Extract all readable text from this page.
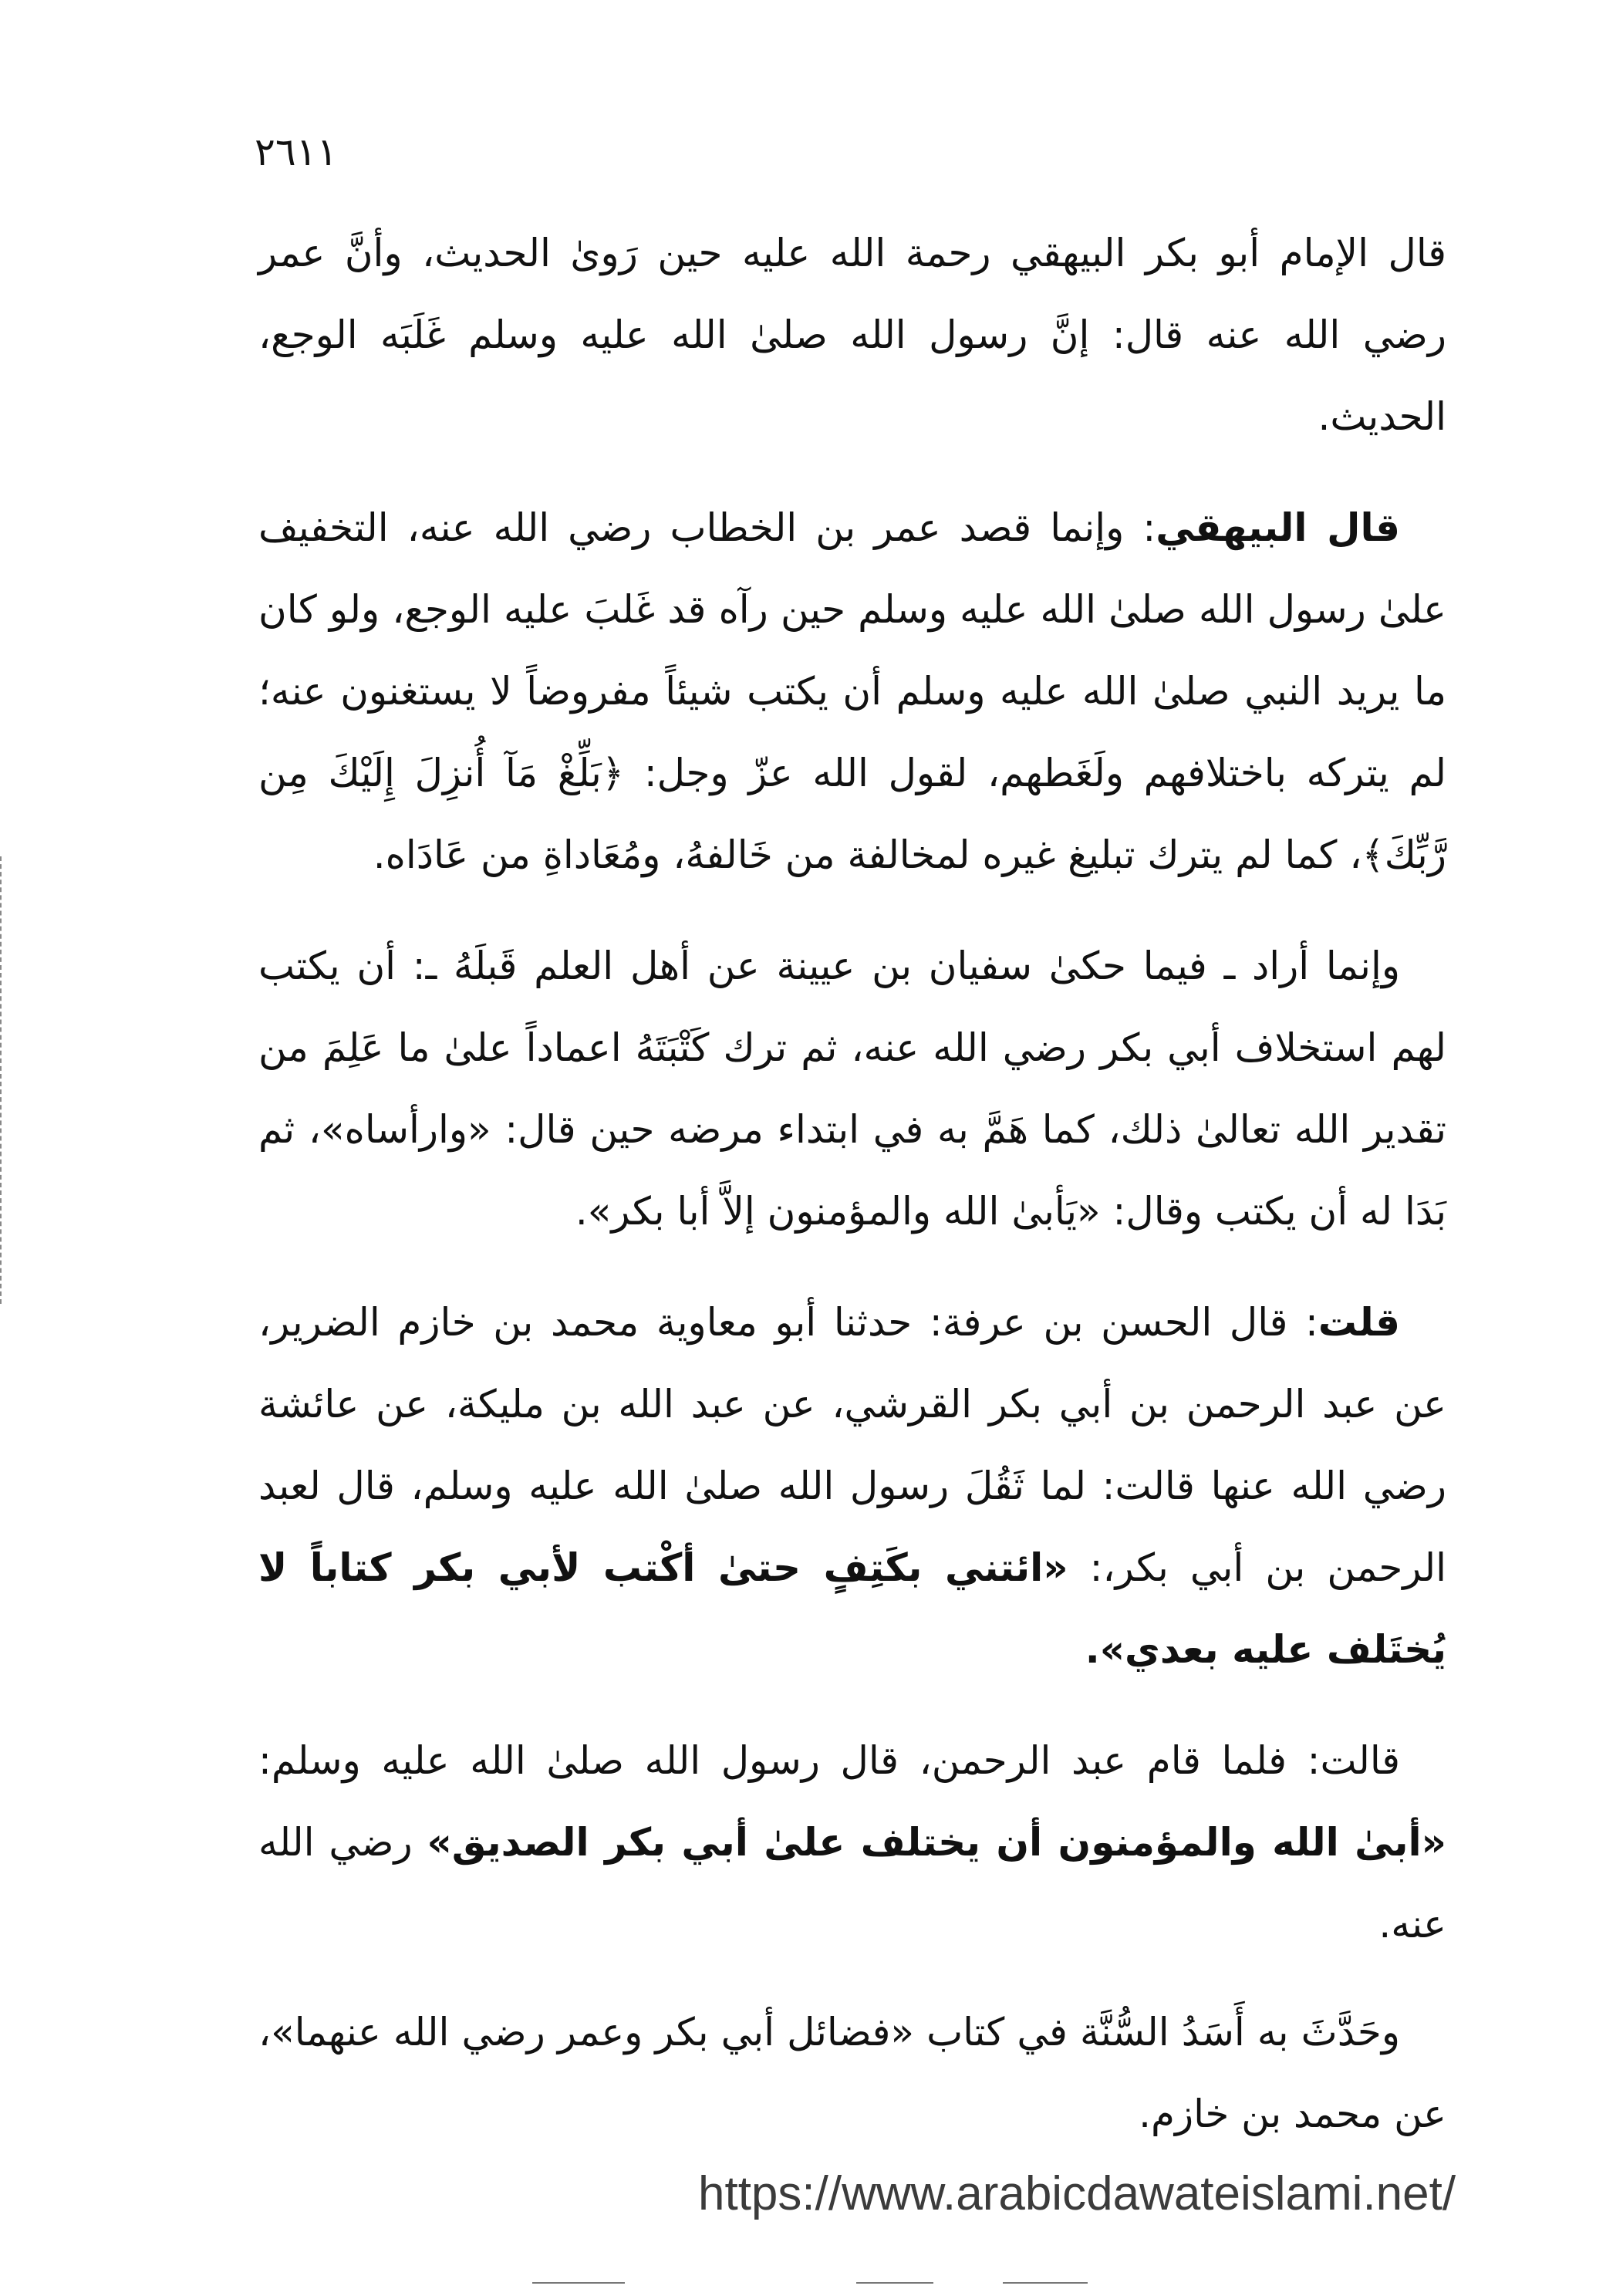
٢٦١١

قال الإمام أبو بكر البيهقي رحمة الله عليه حين رَوىٰ الحديث، وأنَّ عمر رضي الله عنه قال: إنَّ رسول الله صلىٰ الله عليه وسلم غَلَبَه الوجع، الحديث.

قال البيهقي: وإنما قصد عمر بن الخطاب رضي الله عنه، التخفيف علىٰ رسول الله صلىٰ الله عليه وسلم حين رآه قد غَلبَ عليه الوجع، ولو كان ما يريد النبي صلىٰ الله عليه وسلم أن يكتب شيئاً مفروضاً لا يستغنون عنه؛ لم يتركه باختلافهم ولَغَطهم، لقول الله عزّ وجل: ﴿بَلِّغْ مَآ أُنزِلَ إِلَيْكَ مِن رَّبِّكَ﴾، كما لم يترك تبليغ غيره لمخالفة من خَالفهُ، ومُعَاداةِ من عَادَاه.

وإنما أراد ـ فيما حكىٰ سفيان بن عيينة عن أهل العلم قَبلَهُ ـ: أن يكتب لهم استخلاف أبي بكر رضي الله عنه، ثم ترك كَتْبَتَهُ اعماداً علىٰ ما عَلِمَ من تقدير الله تعالىٰ ذلك، كما هَمَّ به في ابتداء مرضه حين قال: «وارأساه»، ثم بَدَا له أن يكتب وقال: «يَأبىٰ الله والمؤمنون إلاَّ أبا بكر».

قلت: قال الحسن بن عرفة: حدثنا أبو معاوية محمد بن خازم الضرير، عن عبد الرحمن بن أبي بكر القرشي، عن عبد الله بن مليكة، عن عائشة رضي الله عنها قالت: لما ثَقُلَ رسول الله صلىٰ الله عليه وسلم، قال لعبد الرحمن بن أبي بكر،: «ائتني بكَتِفٍ حتىٰ أكْتب لأبي بكر كتاباً لا يُختَلف عليه بعدي».

قالت: فلما قام عبد الرحمن، قال رسول الله صلىٰ الله عليه وسلم: «أبىٰ الله والمؤمنون أن يختلف علىٰ أبي بكر الصديق» رضي الله عنه.

وحَدَّثَ به أَسَدُ السُّنَّة في كتاب «فضائل أبي بكر وعمر رضي الله عنهما»، عن محمد بن خازم.

https://www.arabicdawateislami.net/
